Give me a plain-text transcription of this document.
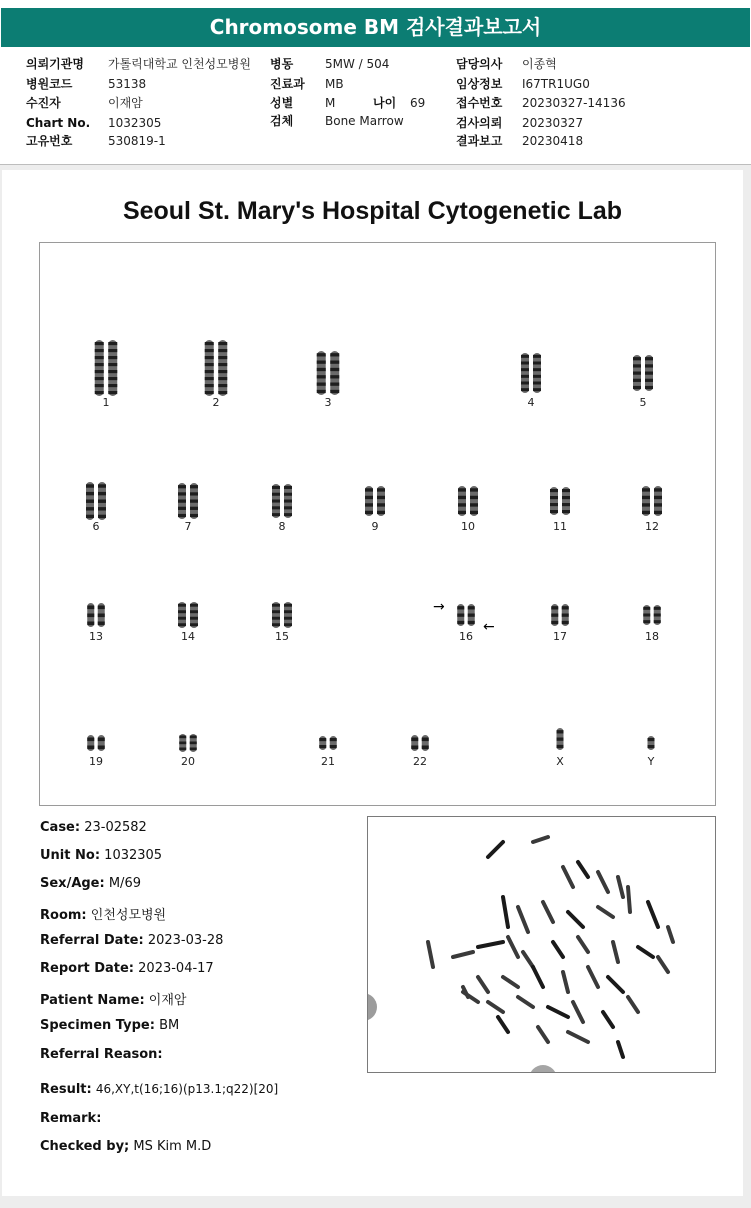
Chromosome BM 검사결과보고서
의뢰기관명 가톨릭대학교 인천성모병원
병원코드	53138
수진자	이재암
Chart No. 1032305
고유번호	530819-1
병동	5MW / 504
진료과 MB
성별	M	나이 69
검체	Bone Marrow
담당의사 이종혁
임상정보 I67TR1UG0
접수번호 20230327-14136
검사의뢰 20230327
결과보고 20230418
Seoul St. Mary's Hospital Cytogenetic Lab
→
←
1	2	3	4	5
6	7	8	9	10	11	12
13	14	15	16	17	18
19	20	21	22	X	Y
Case: 23-02582
Unit No: 1032305
Sex/Age: M/69
Room: 인천성모병원
Referral Date: 2023-03-28
Report Date: 2023-04-17
Patient Name: 이재암
Specimen Type: BM
Referral Reason:
Result: 46,XY,t(16;16)(p13.1;q22)[20]
Remark:
Checked by; MS Kim M.D
